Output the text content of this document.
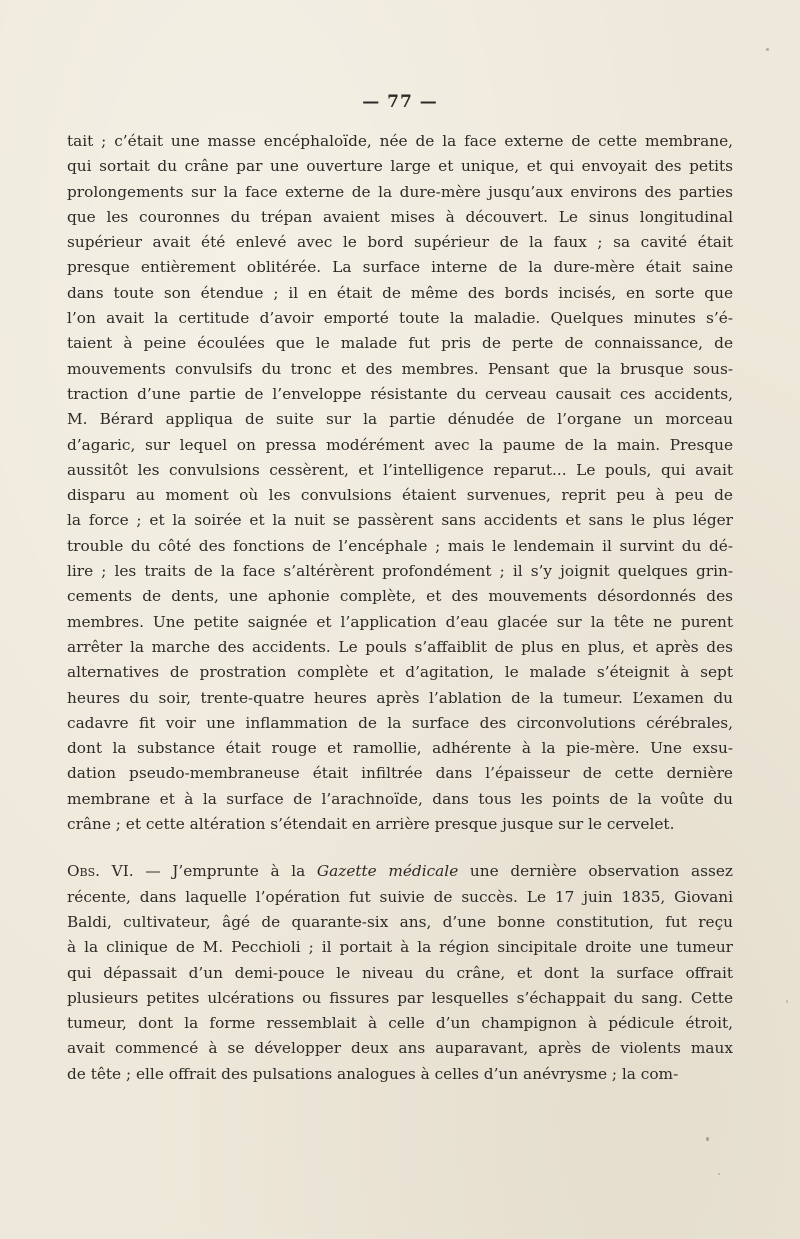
— 77 —
tait ; c’était une masse encéphaloïde, née de la face externe de cette membrane,
qui sortait du crâne par une ouverture large et unique, et qui envoyait des petits
prolongements sur la face externe de la dure-mère jusqu’aux environs des parties
que les couronnes du trépan avaient mises à découvert. Le sinus longitudinal
supérieur avait été enlevé avec le bord supérieur de la faux ; sa cavité était
presque entièrement oblitérée. La surface interne de la dure-mère était saine
dans toute son étendue ; il en était de même des bords incisés, en sorte que
l’on avait la certitude d’avoir emporté toute la maladie. Quelques minutes s’é-
taient à peine écoulées que le malade fut pris de perte de connaissance, de
mouvements convulsifs du tronc et des membres. Pensant que la brusque sous-
traction d’une partie de l’enveloppe résistante du cerveau causait ces accidents,
M. Bérard appliqua de suite sur la partie dénudée de l’organe un morceau
d’agaric, sur lequel on pressa modérément avec la paume de la main. Presque
aussitôt les convulsions cessèrent, et l’intelligence reparut... Le pouls, qui avait
disparu au moment où les convulsions étaient survenues, reprit peu à peu de
la force ; et la soirée et la nuit se passèrent sans accidents et sans le plus léger
trouble du côté des fonctions de l’encéphale ; mais le lendemain il survint du dé-
lire ; les traits de la face s’altérèrent profondément ; il s’y joignit quelques grin-
cements de dents, une aphonie complète, et des mouvements désordonnés des
membres. Une petite saignée et l’application d’eau glacée sur la tête ne purent
arrêter la marche des accidents. Le pouls s’affaiblit de plus en plus, et après des
alternatives de prostration complète et d’agitation, le malade s’éteignit à sept
heures du soir, trente-quatre heures après l’ablation de la tumeur. L’examen du
cadavre fit voir une inflammation de la surface des circonvolutions cérébrales,
dont la substance était rouge et ramollie, adhérente à la pie-mère. Une exsu-
dation pseudo-membraneuse était infiltrée dans l’épaisseur de cette dernière
membrane et à la surface de l’arachnoïde, dans tous les points de la voûte du
crâne ; et cette altération s’étendait en arrière presque jusque sur le cervelet.
Obs. VI. — J’emprunte à la Gazette médicale une dernière observation assez
récente, dans laquelle l’opération fut suivie de succès. Le 17 juin 1835, Giovani
Baldi, cultivateur, âgé de quarante-six ans, d’une bonne constitution, fut reçu
à la clinique de M. Pecchioli ; il portait à la région sincipitale droite une tumeur
qui dépassait d’un demi-pouce le niveau du crâne, et dont la surface offrait
plusieurs petites ulcérations ou fissures par lesquelles s’échappait du sang. Cette
tumeur, dont la forme ressemblait à celle d’un champignon à pédicule étroit,
avait commencé à se développer deux ans auparavant, après de violents maux
de tête ; elle offrait des pulsations analogues à celles d’un anévrysme ; la com-
